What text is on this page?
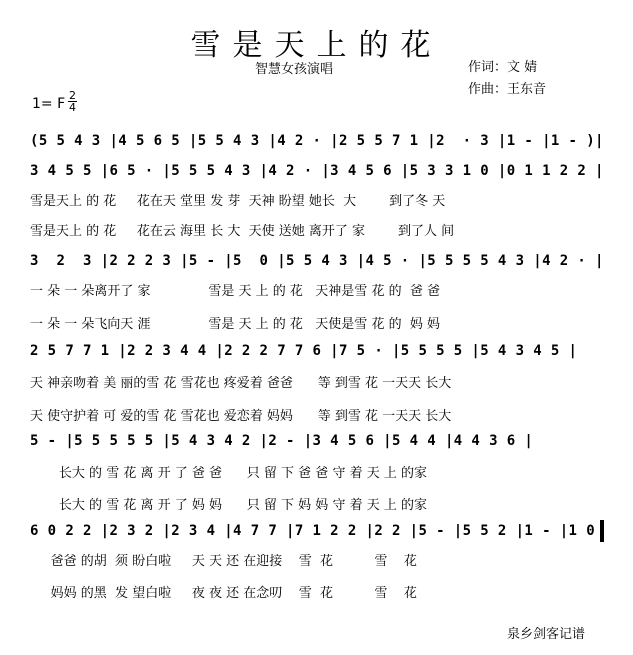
雪是天上的花
智慧女孩演唱	作词：文 婧
作曲：王东音
1= F
2
4
(5 5 4 3 |4 5 6 5 |5 5 4 3 |4 2 · |2 5 5 7 1 |2  · 3 |1 - |1 - )|
3 4 5 5 |6 5 · |5 5 5 4 3 |4 2 · |3 4 5 6 |5 3 3 1 0 |0 1 1 2 2 |
雪是天上 的 花     花在天 堂里 发 芽  天神 盼望 她长  大        到了冬 天
雪是天上 的 花     花在云 海里 长 大  天使 送她 离开了 家        到了人 间
3  2  3 |2 2 2 3 |5 - |5  0 |5 5 4 3 |4 5 · |5 5 5 5 4 3 |4 2 · |
一 朵 一 朵离开了 家              雪是 天 上 的 花   天神是雪 花 的  爸 爸
一 朵 一 朵飞向天 涯              雪是 天 上 的 花   天使是雪 花 的  妈 妈
2 5 7 7 1 |2 2 3 4 4 |2 2 2 7 7 6 |7 5 · |5 5 5 5 |5 4 3 4 5 |
天 神亲吻着 美 丽的雪 花 雪花也 疼爱着 爸爸      等 到雪 花 一天天 长大
天 使守护着 可 爱的雪 花 雪花也 爱恋着 妈妈      等 到雪 花 一天天 长大
5 - |5 5 5 5 5 |5 4 3 4 2 |2 - |3 4 5 6 |5 4 4 |4 4 3 6 |
长大 的 雪 花 离 开 了 爸 爸      只 留 下 爸 爸 守 着 天 上 的家
长大 的 雪 花 离 开 了 妈 妈      只 留 下 妈 妈 守 着 天 上 的家
6 0 2 2 |2 3 2 |2 3 4 |4 7 7 |7 1 2 2 |2 2 |5 - |5 5 2 |1 - |1 0
爸爸 的胡  须 盼白啦     天 天 还 在迎接    雪  花          雪    花
妈妈 的黑  发 望白啦     夜 夜 还 在念叨    雪  花          雪    花
泉乡剑客记谱
